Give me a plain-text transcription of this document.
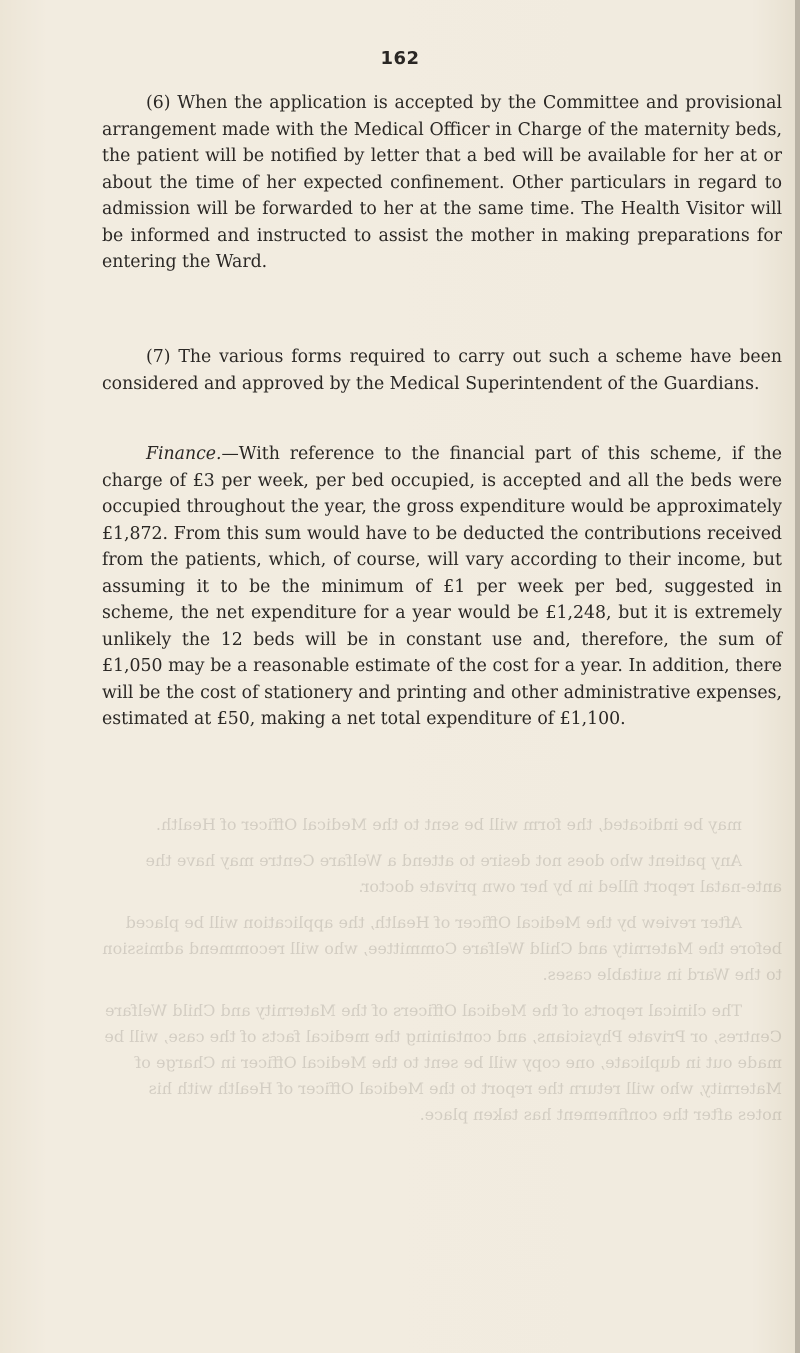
162

(6) When the application is accepted by the Committee and provisional arrangement made with the Medical Officer in Charge of the maternity beds, the patient will be notified by letter that a bed will be available for her at or about the time of her expected confinement. Other particulars in regard to admission will be forwarded to her at the same time. The Health Visitor will be informed and instructed to assist the mother in making preparations for entering the Ward.

(7) The various forms required to carry out such a scheme have been considered and approved by the Medical Superintendent of the Guardians.

Finance.—With reference to the financial part of this scheme, if the charge of £3 per week, per bed occupied, is accepted and all the beds were occupied throughout the year, the gross expenditure would be approximately £1,872. From this sum would have to be deducted the contributions received from the patients, which, of course, will vary according to their income, but assuming it to be the minimum of £1 per week per bed, suggested in scheme, the net expenditure for a year would be £1,248, but it is extremely unlikely the 12 beds will be in constant use and, therefore, the sum of £1,050 may be a reasonable estimate of the cost for a year. In addition, there will be the cost of stationery and printing and other administrative expenses, estimated at £50, making a net total expenditure of £1,100.

may be indicated, the form will be sent to the Medical Officer of Health.

Any patient who does not desire to attend a Welfare Centre may have the ante-natal report filled in by her own private doctor.

After review by the Medical Officer of Health, the application will be placed before the Maternity and Child Welfare Committee, who will recommend admission to the Ward in suitable cases.

The clinical reports of the Medical Officers of the Maternity and Child Welfare Centres, or Private Physicians, and containing the medical facts of the case, will be made out in duplicate, one copy will be sent to the Medical Officer in Charge of Maternity, who will return the report to the Medical Officer of Health with his notes after the confinement has taken place.
